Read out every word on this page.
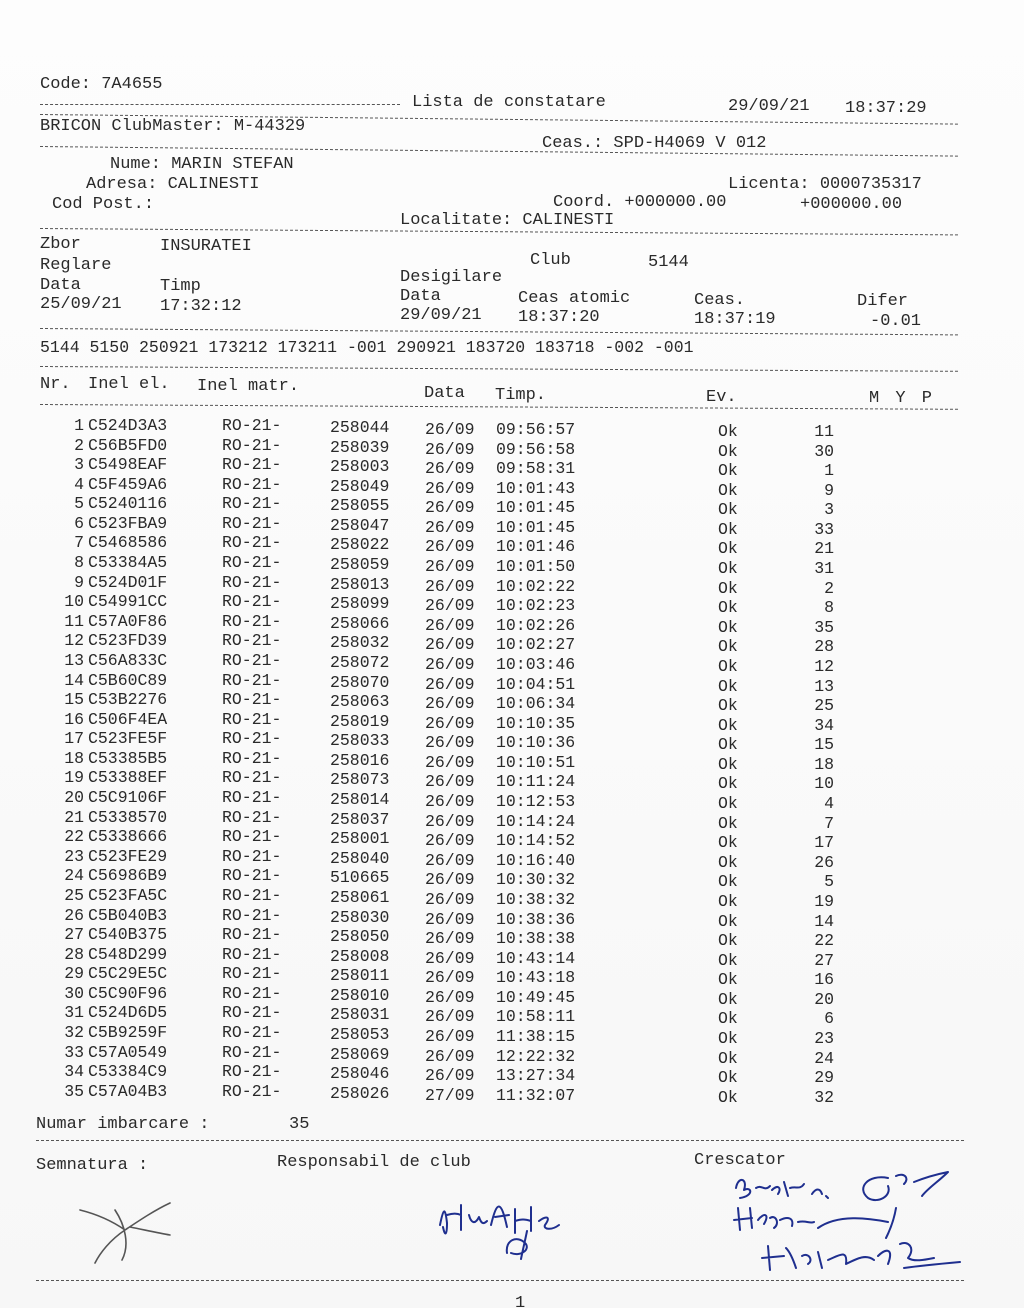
Code: 7A4655
Lista de constatare	29/09/21 18:37:29
BRICON ClubMaster: M-44329
Ceas.: SPD-H4069 V 012
Nume: MARIN STEFAN
Adresa: CALINESTI	Licenta: 0000735317
Cod Post.:	Coord. +000000.00	+000000.00
Localitate: CALINESTI
Zbor	INSURATEI
Club	5144
Reglare
Desigilare
Data	Timp
Data	Ceas atomic	Ceas.	Difer
25/09/21 17:32:12	29/09/21 18:37:20	18:37:19	-0.01
5144 5150 250921 173212 173211 -001 290921 183720 183718 -002 -001
Nr. Inel el. Inel matr.	Data Timp.	Ev.	M Y P
1 C524D3A3	RO-21-	258044 26/09 09:56:57	Ok	11
2 C56B5FD0	RO-21-	258039 26/09 09:56:58	Ok	30
3 C5498EAF	RO-21-	258003 26/09 09:58:31	Ok	1
4 C5F459A6	RO-21-	258049 26/09 10:01:43	Ok	9
5 C5240116	RO-21-	258055 26/09 10:01:45	Ok	3
6 C523FBA9	RO-21-	258047 26/09 10:01:45	Ok	33
7 C5468586	RO-21-	258022 26/09 10:01:46	Ok	21
8 C53384A5	RO-21-	258059 26/09 10:01:50	Ok	31
9 C524D01F	RO-21-	258013 26/09 10:02:22	Ok	2
10 C54991CC	RO-21-	258099 26/09 10:02:23	Ok	8
11 C57A0F86	RO-21-	258066 26/09 10:02:26	Ok	35
12 C523FD39	RO-21-	258032 26/09 10:02:27	Ok	28
13 C56A833C	RO-21-	258072 26/09 10:03:46	Ok	12
14 C5B60C89	RO-21-	258070 26/09 10:04:51	Ok	13
15 C53B2276	RO-21-	258063 26/09 10:06:34	Ok	25
16 C506F4EA	RO-21-	258019 26/09 10:10:35	Ok	34
17 C523FE5F	RO-21-	258033 26/09 10:10:36	Ok	15
18 C53385B5	RO-21-	258016 26/09 10:10:51	Ok	18
19 C53388EF	RO-21-	258073 26/09 10:11:24	Ok	10
20 C5C9106F	RO-21-	258014 26/09 10:12:53	Ok	4
21 C5338570	RO-21-	258037 26/09 10:14:24	Ok	7
22 C5338666	RO-21-	258001 26/09 10:14:52	Ok	17
23 C523FE29	RO-21-	258040 26/09 10:16:40	Ok	26
24 C56986B9	RO-21-	510665 26/09 10:30:32	Ok	5
25 C523FA5C	RO-21-	258061 26/09 10:38:32	Ok	19
26 C5B040B3	RO-21-	258030 26/09 10:38:36	Ok	14
27 C540B375	RO-21-	258050 26/09 10:38:38	Ok	22
28 C548D299	RO-21-	258008 26/09 10:43:14	Ok	27
29 C5C29E5C	RO-21-	258011 26/09 10:43:18	Ok	16
30 C5C90F96	RO-21-	258010 26/09 10:49:45	Ok	20
31 C524D6D5	RO-21-	258031 26/09 10:58:11	Ok	6
32 C5B9259F	RO-21-	258053 26/09 11:38:15	Ok	23
33 C57A0549	RO-21-	258069 26/09 12:22:32	Ok	24
34 C53384C9	RO-21-	258046 26/09 13:27:34	Ok	29
35 C57A04B3	RO-21-	258026 27/09 11:32:07	Ok	32
Numar imbarcare :	35
Semnatura :	Responsabil de club	Crescator
1
